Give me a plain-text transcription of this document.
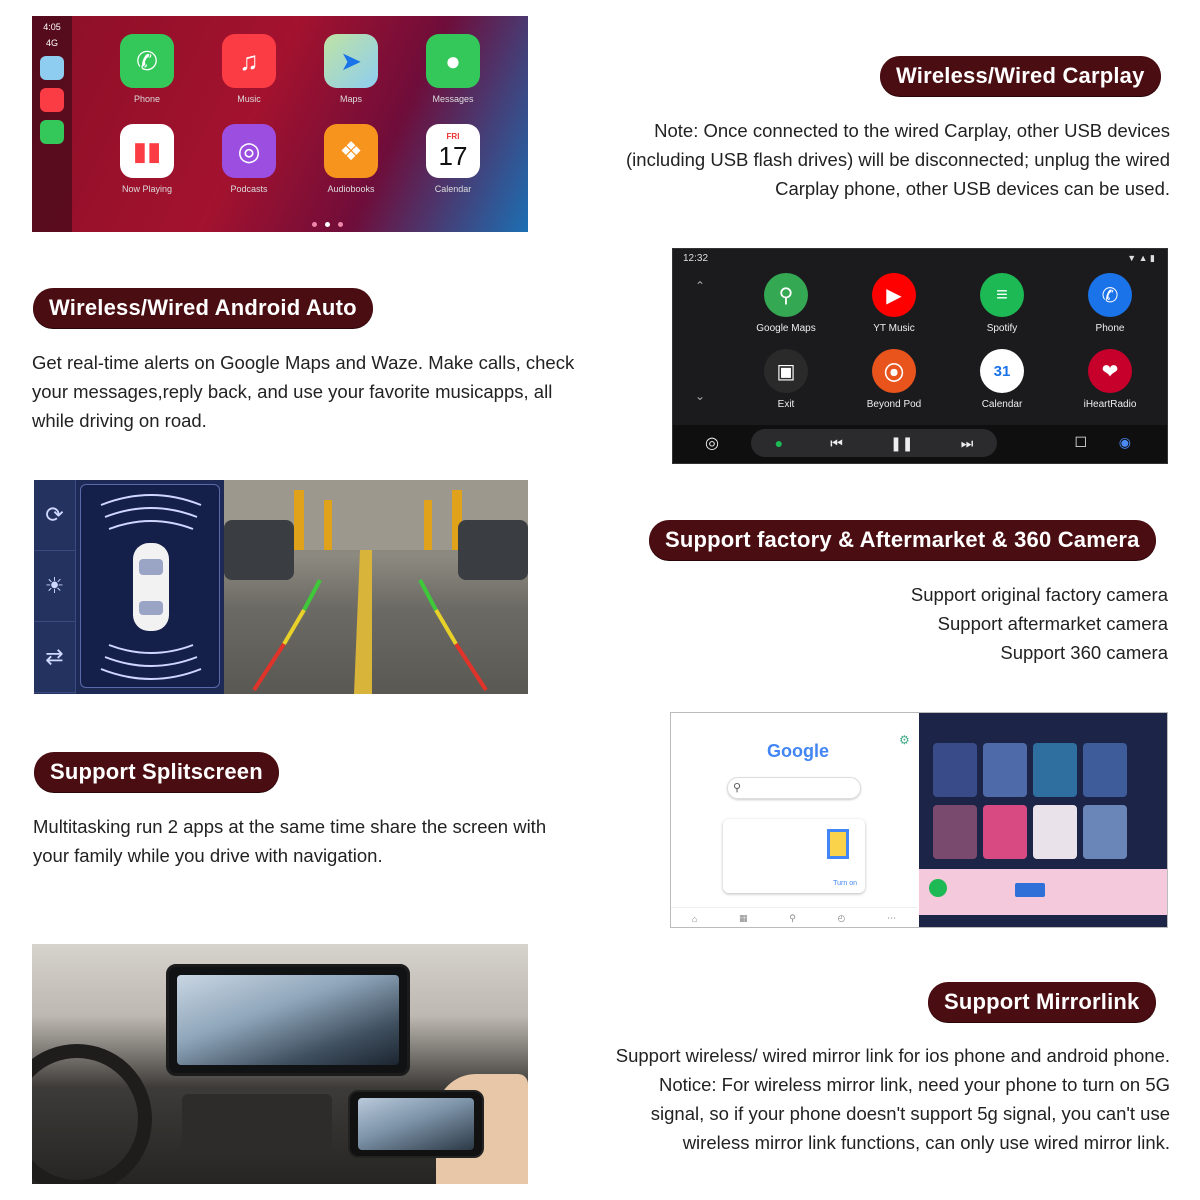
4:05
4G
✆
Phone
♫
Music
➤
Maps
●
Messages
▮▮
Now Playing
◎
Podcasts
❖
Audiobooks
FRI
17
Calendar
Wireless/Wired Carplay

Note: Once connected to the wired Carplay, other USB devices

(including USB flash drives) will be disconnected; unplug the wired

Carplay phone, other USB devices can be used.

Wireless/Wired Android Auto

Get real-time alerts on Google Maps and Waze. Make calls, check

your messages,reply back, and use your favorite musicapps, all

while driving on road.

12:32	▼ ▲ ▮
⌃
⌄
⚲
Google Maps
▶
YT Music
≡
Spotify
✆
Phone
▣
Exit
⦿
Beyond Pod
31
Calendar
❤
iHeartRadio
◎	●	⏮	❚❚	⏭	☐ ◉
⟳
☀
⇄
Support factory & Aftermarket & 360 Camera

Support original factory camera

Support aftermarket camera

Support 360 camera

Support Splitscreen

Multitasking run 2 apps at the same time share the screen with

your family while you drive with navigation.

Google
⚲
⚙
Turn on
⌂	▦	⚲	◴	⋯
Support Mirrorlink

Support wireless/ wired mirror link for ios phone and android phone.

Notice: For wireless mirror link, need your phone to turn on 5G

signal, so if your phone doesn't support 5g signal, you can't use

wireless mirror link functions, can only use wired mirror link.
